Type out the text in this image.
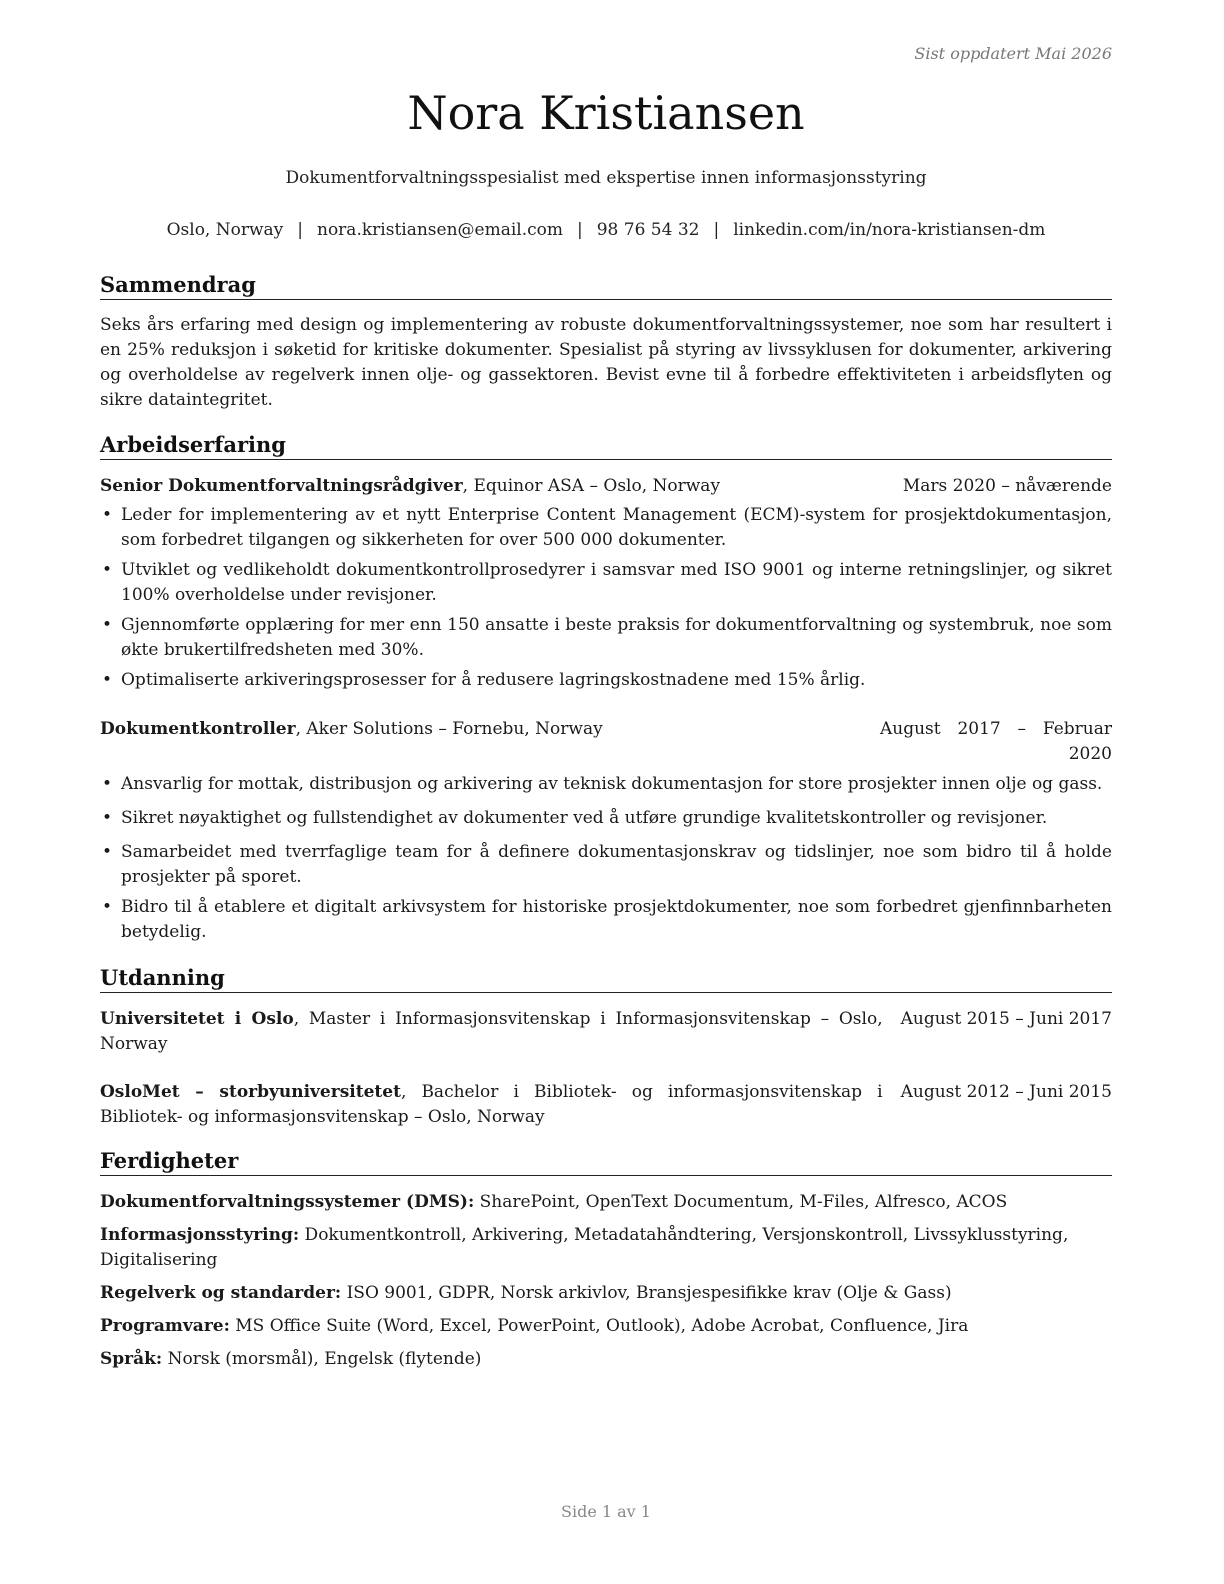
Sist oppdatert Mai 2026
Nora Kristiansen
Dokumentforvaltningsspesialist med ekspertise innen informasjonsstyring
Oslo, Norway | nora.kristiansen@email.com | 98 76 54 32 | linkedin.com/in/nora-kristiansen-dm
Sammendrag
Seks års erfaring med design og implementering av robuste dokumentforvaltningssystemer, noe som har resultert i en 25% reduksjon i søketid for kritiske dokumenter. Spesialist på styring av livssyklusen for dokumenter, arkivering og overholdelse av regelverk innen olje- og gassektoren. Bevist evne til å forbedre effektiviteten i arbeidsflyten og sikre dataintegritet.
Arbeidserfaring
Senior Dokumentforvaltningsrådgiver, Equinor ASA – Oslo, Norway	Mars 2020 – nåværende
• Leder for implementering av et nytt Enterprise Content Management (ECM)-system for prosjektdokumentasjon, som forbedret tilgangen og sikkerheten for over 500 000 dokumenter.
• Utviklet og vedlikeholdt dokumentkontrollprosedyrer i samsvar med ISO 9001 og interne retningslinjer, og sikret 100% overholdelse under revisjoner.
• Gjennomførte opplæring for mer enn 150 ansatte i beste praksis for dokumentforvaltning og systembruk, noe som økte brukertilfredsheten med 30%.
• Optimaliserte arkiveringsprosesser for å redusere lagringskostnadene med 15% årlig.
Dokumentkontroller, Aker Solutions – Fornebu, Norway	August 2017 – Februar 2020
• Ansvarlig for mottak, distribusjon og arkivering av teknisk dokumentasjon for store prosjekter innen olje og gass.
• Sikret nøyaktighet og fullstendighet av dokumenter ved å utføre grundige kvalitetskontroller og revisjoner.
• Samarbeidet med tverrfaglige team for å definere dokumentasjonskrav og tidslinjer, noe som bidro til å holde prosjekter på sporet.
• Bidro til å etablere et digitalt arkivsystem for historiske prosjektdokumenter, noe som forbedret gjenfinnbarheten betydelig.
Utdanning
Universitetet i Oslo, Master i Informasjonsvitenskap i Informasjonsvitenskap – Oslo, Norway
August 2015 – Juni 2017
OsloMet – storbyuniversitetet, Bachelor i Bibliotek- og informasjonsvitenskap i Bibliotek- og informasjonsvitenskap – Oslo, Norway
August 2012 – Juni 2015
Ferdigheter
Dokumentforvaltningssystemer (DMS): SharePoint, OpenText Documentum, M-Files, Alfresco, ACOS
Informasjonsstyring: Dokumentkontroll, Arkivering, Metadatahåndtering, Versjonskontroll, Livssyklusstyring, Digitalisering
Regelverk og standarder: ISO 9001, GDPR, Norsk arkivlov, Bransjespesifikke krav (Olje & Gass)
Programvare: MS Office Suite (Word, Excel, PowerPoint, Outlook), Adobe Acrobat, Confluence, Jira
Språk: Norsk (morsmål), Engelsk (flytende)
Side 1 av 1
